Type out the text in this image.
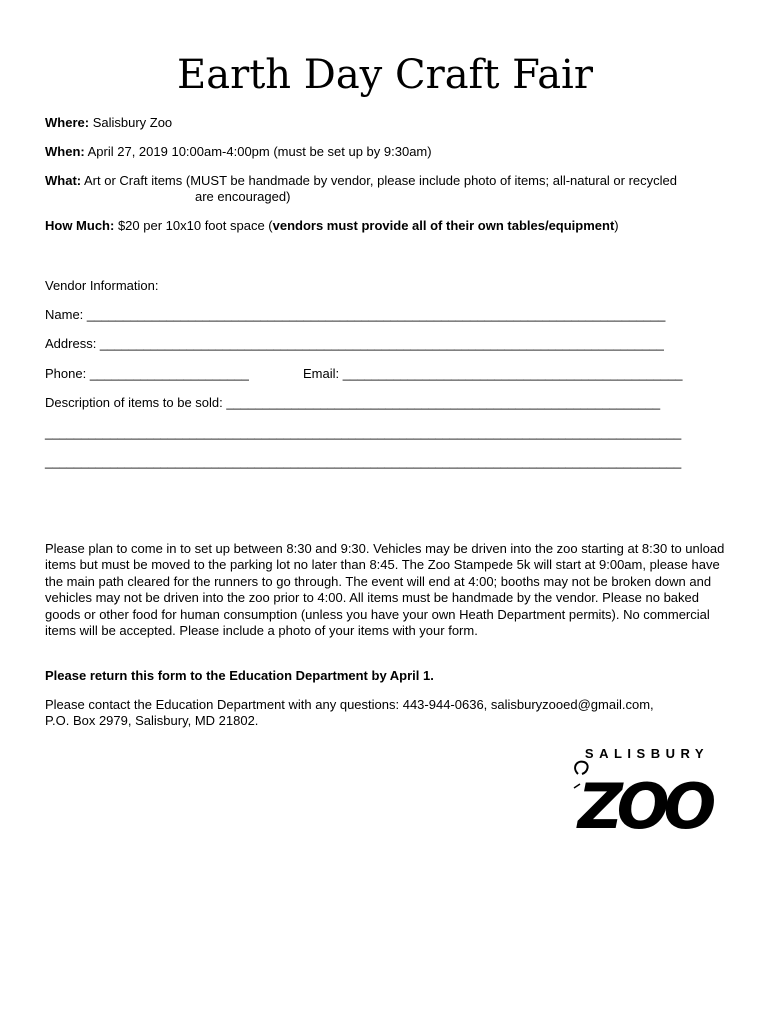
Earth Day Craft Fair
Where: Salisbury Zoo
When: April 27, 2019 10:00am-4:00pm (must be set up by 9:30am)
What: Art or Craft items (MUST be handmade by vendor, please include photo of items; all-natural or recycled
are encouraged)
How Much: $20 per 10x10 foot space (vendors must provide all of their own tables/equipment)
Vendor Information:
Name: ________________________________________________________________________________
Address: ______________________________________________________________________________
Phone: ______________________	Email: _______________________________________________
Description of items to be sold: ____________________________________________________________
________________________________________________________________________________________
________________________________________________________________________________________
Please plan to come in to set up between 8:30 and 9:30. Vehicles may be driven into the zoo starting at 8:30 to unload items but must be moved to the parking lot no later than 8:45. The Zoo Stampede 5k will start at 9:00am, please have the main path cleared for the runners to go through. The event will end at 4:00; booths may not be broken down and vehicles may not be driven into the zoo prior to 4:00. All items must be handmade by the vendor. Please no baked goods or other food for human consumption (unless you have your own Heath Department permits). No commercial items will be accepted. Please include a photo of your items with your form.
Please return this form to the Education Department by April 1.
Please contact the Education Department with any questions: 443-944-0636, salisburyzooed@gmail.com,
P.O. Box 2979, Salisbury, MD 21802.
SALISBURY
ZOO
